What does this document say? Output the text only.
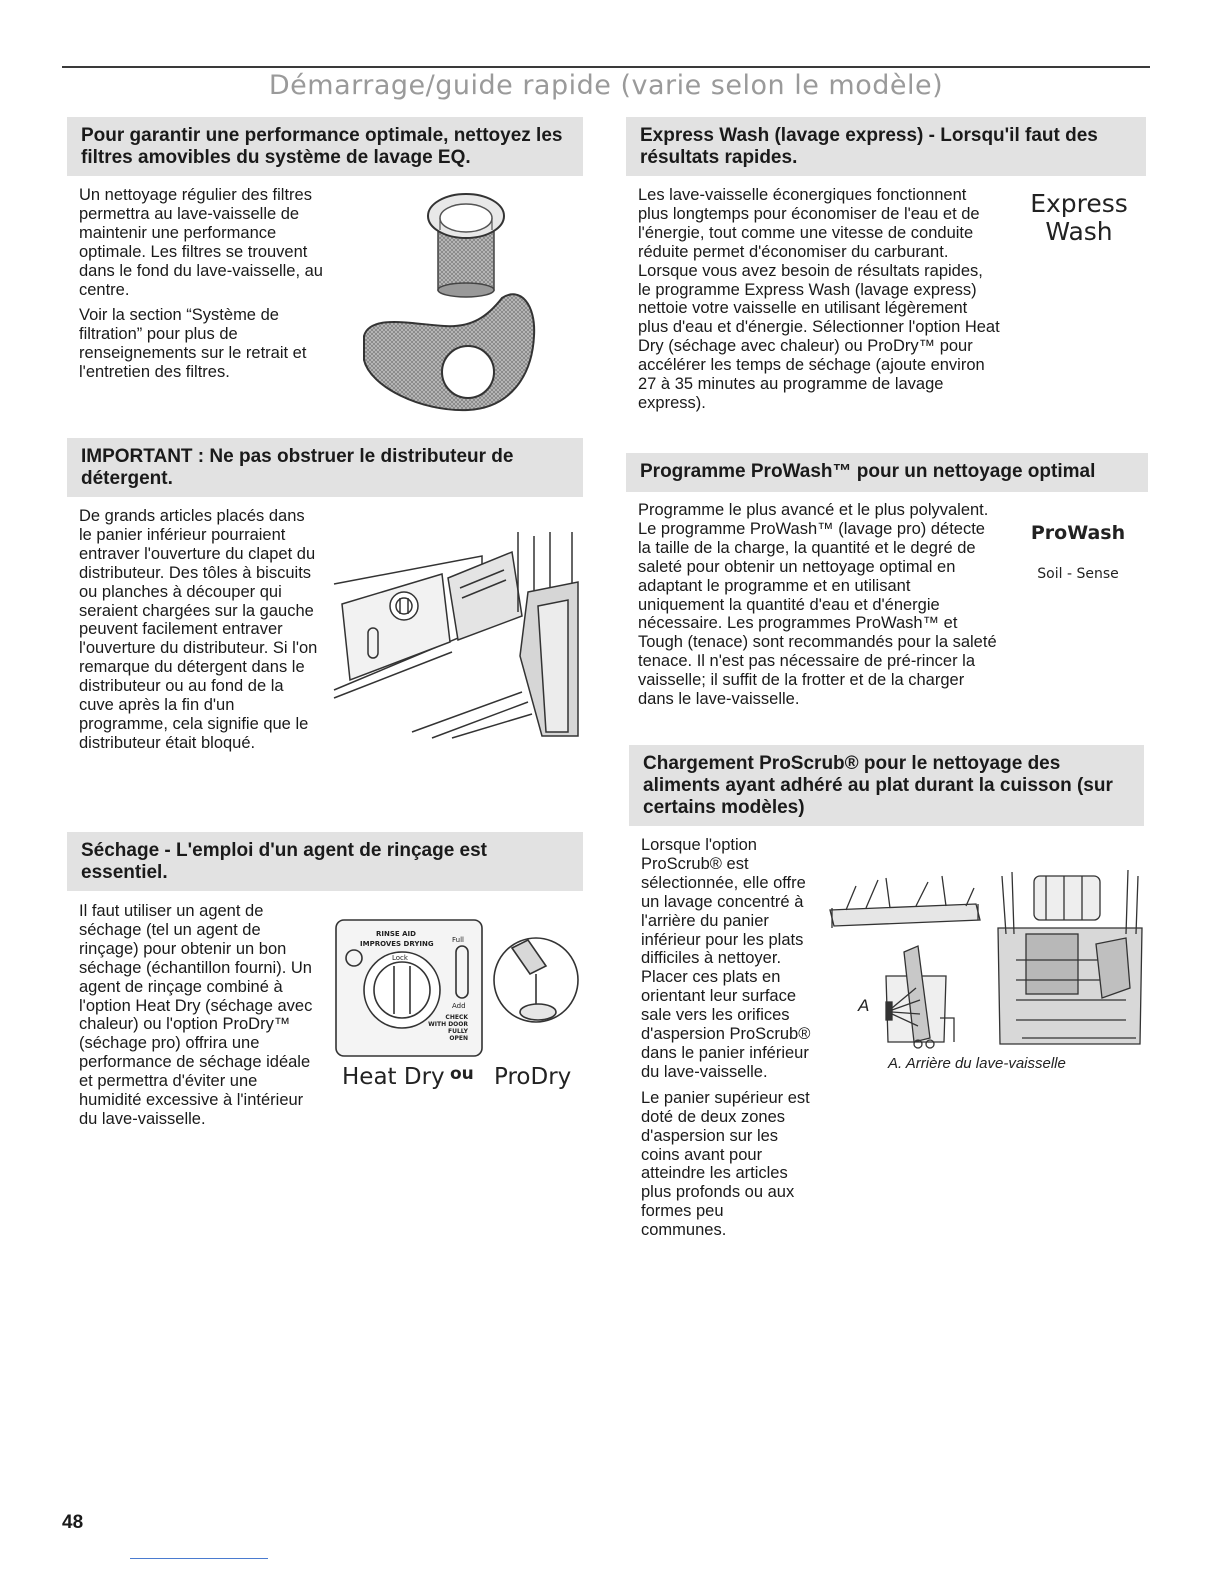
Démarrage/guide rapide (varie selon le modèle)
Pour garantir une performance optimale, nettoyez les filtres amovibles du système de lavage EQ.

Un nettoyage régulier des filtres permettra au lave-vaisselle de maintenir une performance optimale. Les filtres se trouvent dans le fond du lave-vaisselle, au centre.

Voir la section “Système de filtration” pour plus de renseignements sur le retrait et l'entretien des filtres.

IMPORTANT : Ne pas obstruer le distributeur de détergent.

De grands articles placés dans le panier inférieur pourraient entraver l'ouverture du clapet du distributeur. Des tôles à biscuits ou planches à découper qui seraient chargées sur la gauche peuvent facilement entraver l'ouverture du distributeur. Si l'on remarque du détergent dans le distributeur ou au fond de la cuve après la fin d'un programme, cela signifie que le distributeur était bloqué.

Séchage - L'emploi d'un agent de rinçage est essentiel.

Il faut utiliser un agent de séchage (tel un agent de rinçage) pour obtenir un bon séchage (échantillon fourni). Un agent de rinçage combiné à l'option Heat Dry (séchage avec chaleur) ou l'option ProDry™ (séchage pro) offrira une performance de séchage idéale et permettra d'éviter une humidité excessive à l'intérieur du lave-vaisselle.

RINSE AID
IMPROVES DRYING
Lock
Full
Add
CHECK WITH DOOR FULLY OPEN
Heat Dry ou ProDry
Express Wash (lavage express) - Lorsqu'il faut des résultats rapides.

Les lave-vaisselle éconergiques fonctionnent plus longtemps pour économiser de l'eau et de l'énergie, tout comme une vitesse de conduite réduite permet d'économiser du carburant. Lorsque vous avez besoin de résultats rapides, le programme Express Wash (lavage express) nettoie votre vaisselle en utilisant légèrement plus d'eau et d'énergie. Sélectionner l'option Heat Dry (séchage avec chaleur) ou ProDry™ pour accélérer les temps de séchage (ajoute environ 27 à 35 minutes au programme de lavage express).

Express
Wash
Programme ProWash™ pour un nettoyage optimal

Programme le plus avancé et le plus polyvalent. Le programme ProWash™ (lavage pro) détecte la taille de la charge, la quantité et le degré de saleté pour obtenir un nettoyage optimal en adaptant le programme et en utilisant uniquement la quantité d'eau et d'énergie nécessaire. Les programmes ProWash™ et Tough (tenace) sont recommandés pour la saleté tenace. Il n'est pas nécessaire de pré-rincer la vaisselle; il suffit de la frotter et de la charger dans le lave-vaisselle.

ProWash
Soil - Sense
Chargement ProScrub® pour le nettoyage des aliments ayant adhéré au plat durant la cuisson (sur certains modèles)

Lorsque l'option ProScrub® est sélectionnée, elle offre un lavage concentré à l'arrière du panier inférieur pour les plats difficiles à nettoyer. Placer ces plats en orientant leur surface sale vers les orifices d'aspersion ProScrub® dans le panier inférieur du lave-vaisselle.

Le panier supérieur est doté de deux zones d'aspersion sur les coins avant pour atteindre les articles plus profonds ou aux formes peu communes.

A
A. Arrière du lave-vaisselle
48
